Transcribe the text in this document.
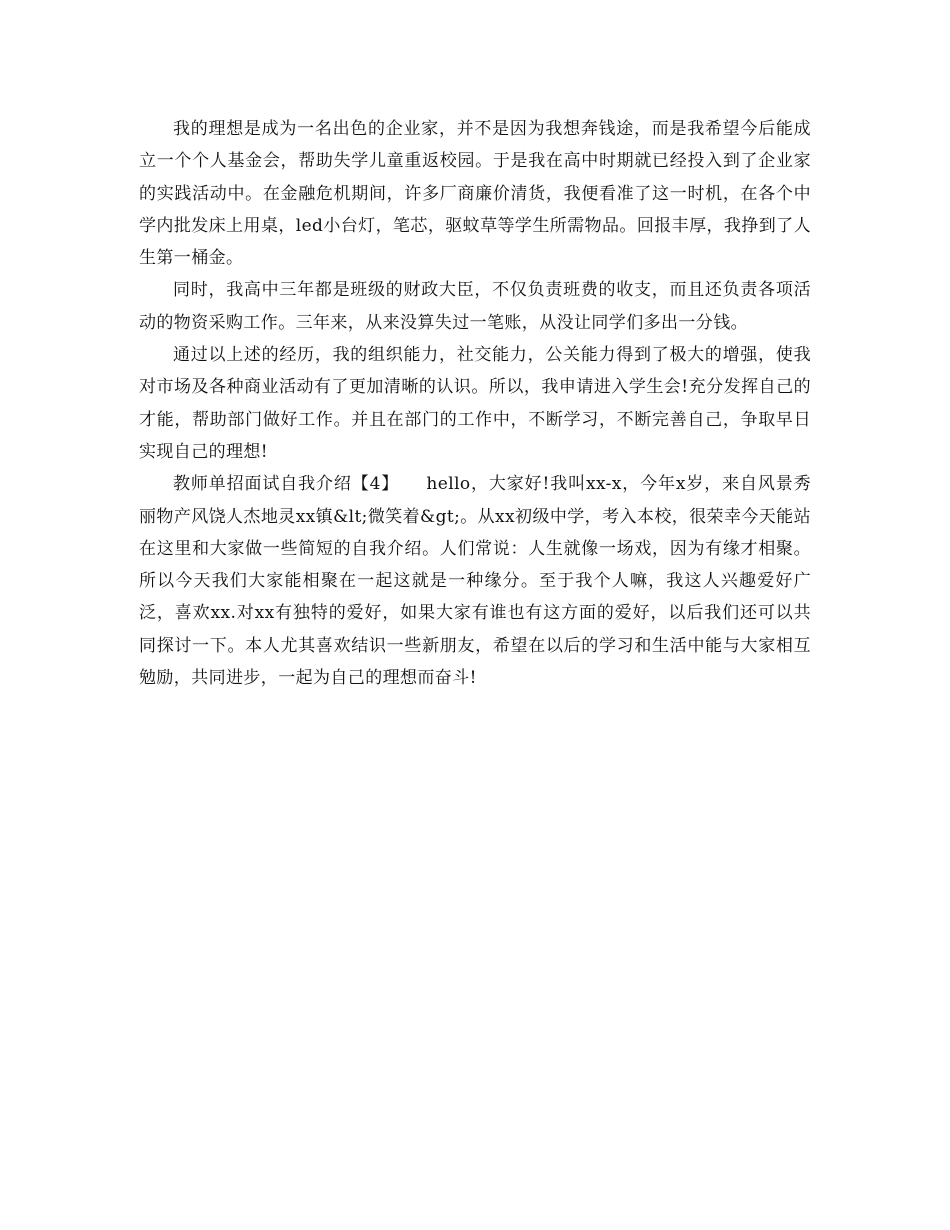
我的理想是成为一名出色的企业家，并不是因为我想奔钱途，而是我希望今后能成立一个个人基金会，帮助失学儿童重返校园。于是我在高中时期就已经投入到了企业家的实践活动中。在金融危机期间，许多厂商廉价清货，我便看准了这一时机，在各个中学内批发床上用桌，led小台灯，笔芯，驱蚊草等学生所需物品。回报丰厚，我挣到了人生第一桶金。

同时，我高中三年都是班级的财政大臣，不仅负责班费的收支，而且还负责各项活动的物资采购工作。三年来，从来没算失过一笔账，从没让同学们多出一分钱。

通过以上述的经历，我的组织能力，社交能力，公关能力得到了极大的增强，使我对市场及各种商业活动有了更加清晰的认识。所以，我申请进入学生会!充分发挥自己的才能，帮助部门做好工作。并且在部门的工作中，不断学习，不断完善自己，争取早日实现自己的理想!

教师单招面试自我介绍【4】　　hello，大家好!我叫xx-x，今年x岁，来自风景秀丽物产风饶人杰地灵xx镇&lt;微笑着&gt;。从xx初级中学，考入本校，很荣幸今天能站在这里和大家做一些简短的自我介绍。人们常说：人生就像一场戏，因为有缘才相聚。所以今天我们大家能相聚在一起这就是一种缘分。至于我个人嘛，我这人兴趣爱好广泛，喜欢xx.对xx有独特的爱好，如果大家有谁也有这方面的爱好，以后我们还可以共同探讨一下。本人尤其喜欢结识一些新朋友，希望在以后的学习和生活中能与大家相互勉励，共同进步，一起为自己的理想而奋斗!
